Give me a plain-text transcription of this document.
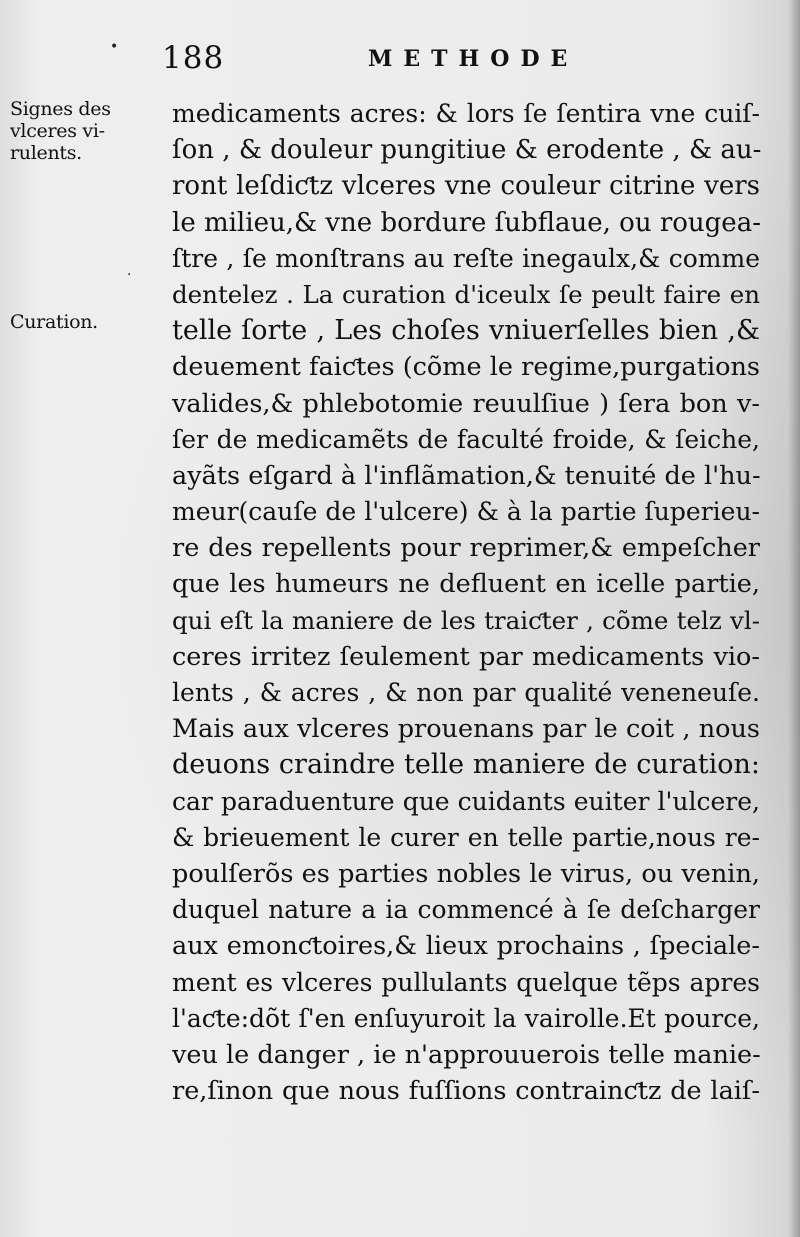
188	METHODE
•
·
Signes des
vlceres vi-
rulents.
Curation.
medicaments acres: & lors ſe ſentira vne cuiſ-
ſon , & douleur pungitiue & erodente , & au-
ront leſdiƈtz vlceres vne couleur citrine vers
le milieu,& vne bordure ſubflaue, ou rougea-
ſtre , ſe monſtrans au reſte inegaulx,& comme
dentelez . La curation d'iceulx ſe peult faire en
telle ſorte , Les choſes vniuerſelles bien ,&
deuement faiƈtes (cõme le regime,purgations
valides,& phlebotomie reuulſiue ) ſera bon v-
ſer de medicamẽts de faculté froide, & ſeiche,
ayãts eſgard à l'inflãmation,& tenuité de l'hu-
meur(cauſe de l'ulcere) & à la partie ſuperieu-
re des repellents pour reprimer,& empeſcher
que les humeurs ne defluent en icelle partie,
qui eſt la maniere de les traiƈter , cõme telz vl-
ceres irritez ſeulement par medicaments vio-
lents , & acres , & non par qualité veneneuſe.
Mais aux vlceres prouenans par le coit , nous
deuons craindre telle maniere de curation:
car paraduenture que cuidants euiter l'ulcere,
& brieuement le curer en telle partie,nous re-
poulſerõs es parties nobles le virus, ou venin,
duquel nature a ia commencé à ſe deſcharger
aux emonƈtoires,& lieux prochains , ſpeciale-
ment es vlceres pullulants quelque tẽps apres
l'aƈte:dõt ſ'en enſuyuroit la vairolle.Et pource,
veu le danger , ie n'approuuerois telle manie-
re,ſinon que nous fuſſions contrainƈtz de laiſ-
